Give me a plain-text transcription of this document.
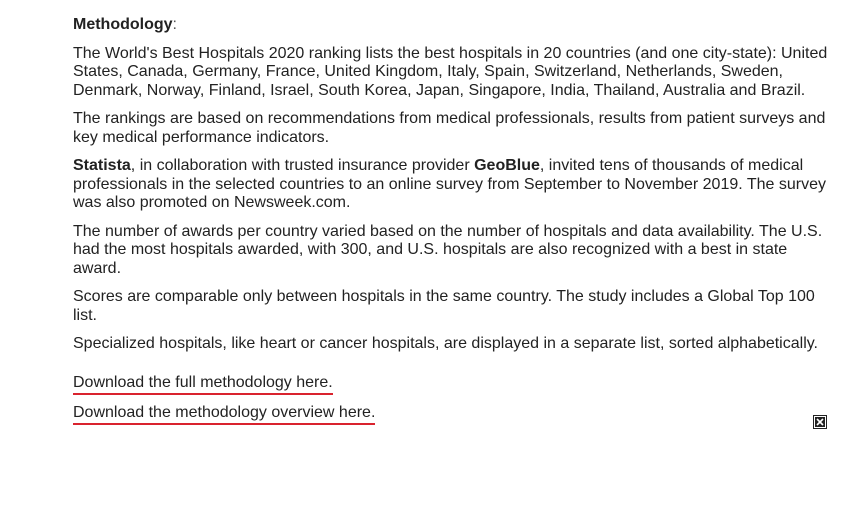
Methodology:

The World's Best Hospitals 2020 ranking lists the best hospitals in 20 countries (and one city-state): United States, Canada, Germany, France, United Kingdom, Italy, Spain, Switzerland, Netherlands, Sweden, Denmark, Norway, Finland, Israel, South Korea, Japan, Singapore, India, Thailand, Australia and Brazil.

The rankings are based on recommendations from medical professionals, results from patient surveys and key medical performance indicators.

Statista, in collaboration with trusted insurance provider GeoBlue, invited tens of thousands of medical professionals in the selected countries to an online survey from September to November 2019. The survey was also promoted on Newsweek.com.

The number of awards per country varied based on the number of hospitals and data availability. The U.S. had the most hospitals awarded, with 300, and U.S. hospitals are also recognized with a best in state award.

Scores are comparable only between hospitals in the same country. The study includes a Global Top 100 list.

Specialized hospitals, like heart or cancer hospitals, are displayed in a separate list, sorted alphabetically.

Download the full methodology here.
Download the methodology overview here.
